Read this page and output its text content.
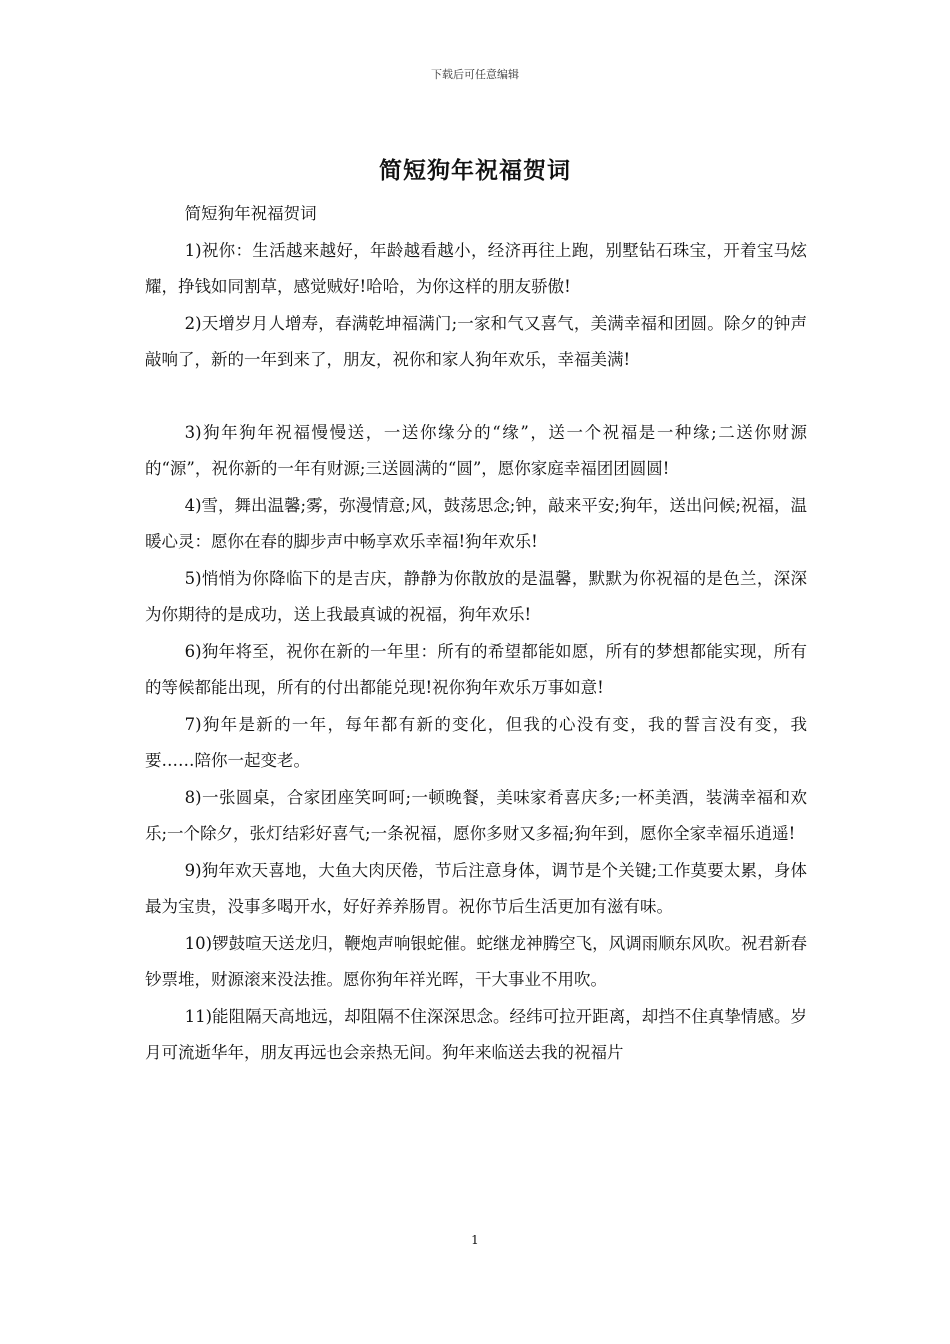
下载后可任意编辑
简短狗年祝福贺词

简短狗年祝福贺词

1)祝你：生活越来越好，年龄越看越小，经济再往上跑，别墅钻石珠宝，开着宝马炫耀，挣钱如同割草，感觉贼好!哈哈，为你这样的朋友骄傲!

2)天增岁月人增寿，春满乾坤福满门;一家和气又喜气，美满幸福和团圆。除夕的钟声敲响了，新的一年到来了，朋友，祝你和家人狗年欢乐，幸福美满!

3)狗年狗年祝福慢慢送，一送你缘分的“缘”，送一个祝福是一种缘;二送你财源的“源”，祝你新的一年有财源;三送圆满的“圆”，愿你家庭幸福团团圆圆!

4)雪，舞出温馨;雾，弥漫情意;风，鼓荡思念;钟，敲来平安;狗年，送出问候;祝福，温暖心灵：愿你在春的脚步声中畅享欢乐幸福!狗年欢乐!

5)悄悄为你降临下的是吉庆，静静为你散放的是温馨，默默为你祝福的是色兰，深深为你期待的是成功，送上我最真诚的祝福，狗年欢乐!

6)狗年将至，祝你在新的一年里：所有的希望都能如愿，所有的梦想都能实现，所有的等候都能出现，所有的付出都能兑现!祝你狗年欢乐万事如意!

7)狗年是新的一年，每年都有新的变化，但我的心没有变，我的誓言没有变，我要……陪你一起变老。

8)一张圆桌，合家团座笑呵呵;一顿晚餐，美味家肴喜庆多;一杯美酒，装满幸福和欢乐;一个除夕，张灯结彩好喜气;一条祝福，愿你多财又多福;狗年到，愿你全家幸福乐逍遥!

9)狗年欢天喜地，大鱼大肉厌倦，节后注意身体，调节是个关键;工作莫要太累，身体最为宝贵，没事多喝开水，好好养养肠胃。祝你节后生活更加有滋有味。

10)锣鼓喧天送龙归，鞭炮声响银蛇催。蛇继龙神腾空飞，风调雨顺东风吹。祝君新春钞票堆，财源滚来没法推。愿你狗年祥光晖，干大事业不用吹。

11)能阻隔天高地远，却阻隔不住深深思念。经纬可拉开距离，却挡不住真挚情感。岁月可流逝华年，朋友再远也会亲热无间。狗年来临送去我的祝福片

1
